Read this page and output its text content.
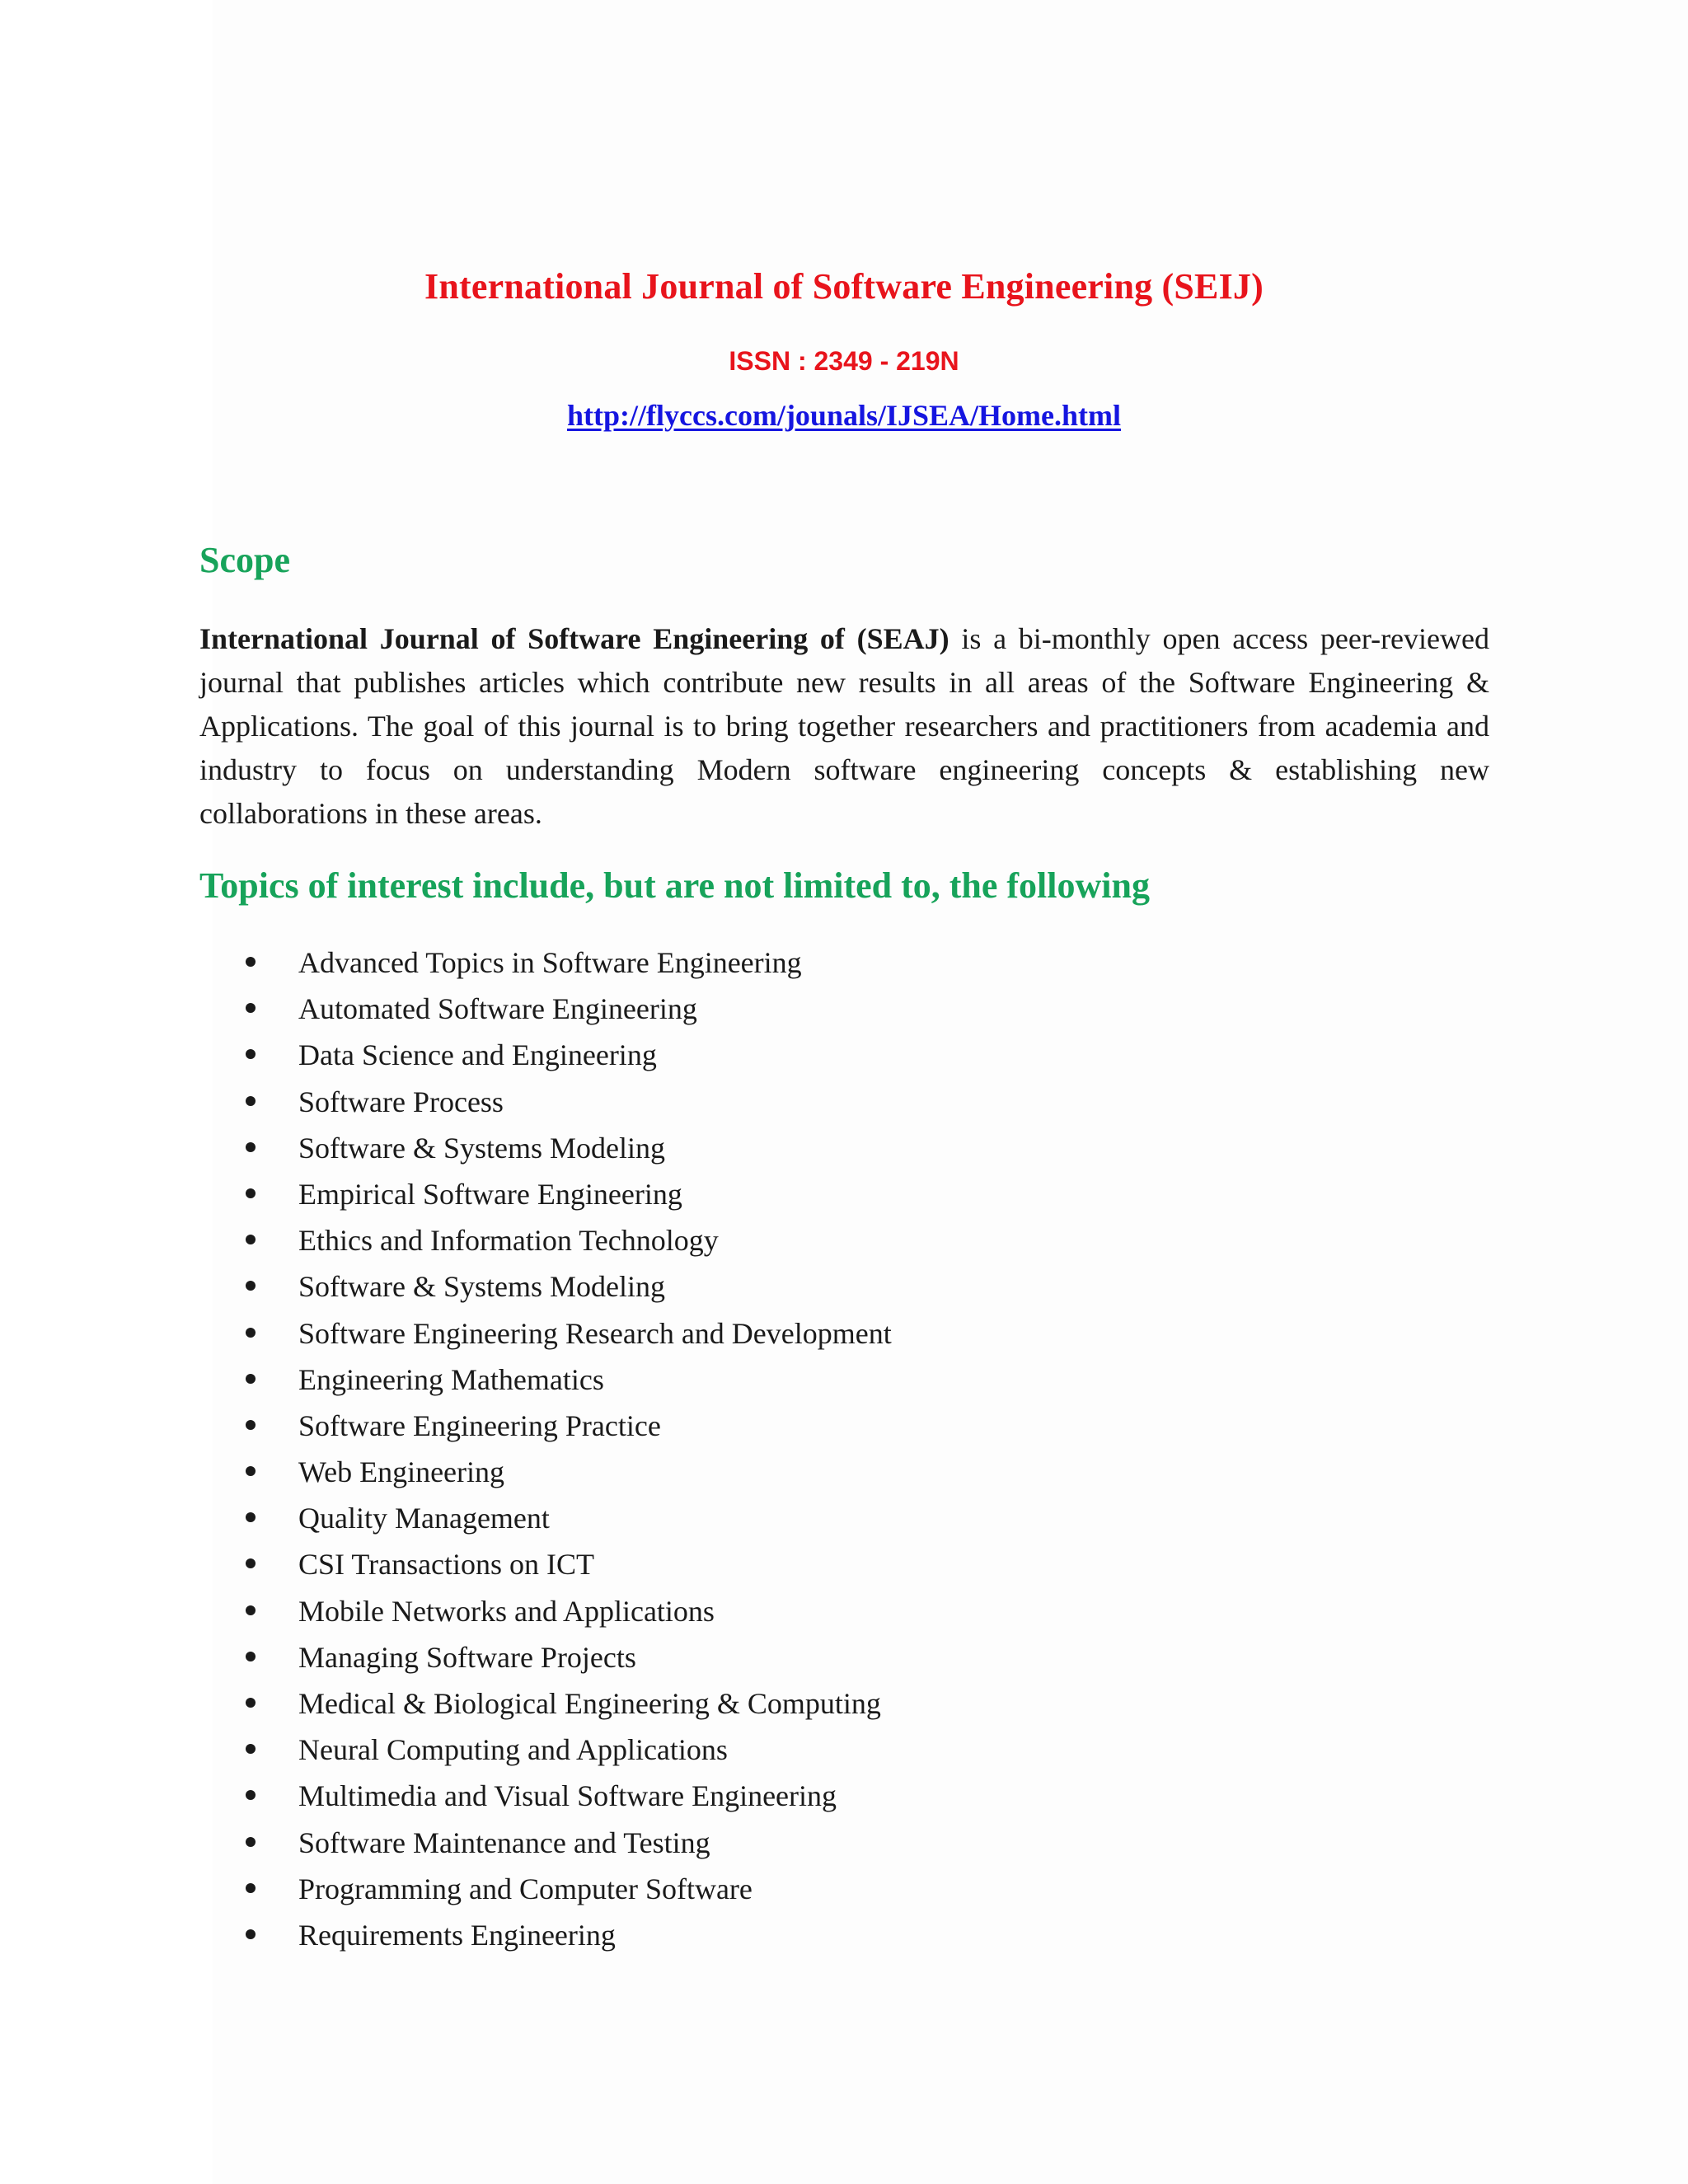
International Journal of Software Engineering (SEIJ)
ISSN : 2349 - 219N
http://flyccs.com/jounals/IJSEA/Home.html
Scope
International Journal of Software Engineering of (SEAJ) is a bi-monthly open access peer-reviewed journal that publishes articles which contribute new results in all areas of the Software Engineering & Applications. The goal of this journal is to bring together researchers and practitioners from academia and industry to focus on understanding Modern software engineering concepts & establishing new collaborations in these areas.
Topics of interest include, but are not limited to, the following
Advanced Topics in Software Engineering
Automated Software Engineering
Data Science and Engineering
Software Process
Software & Systems Modeling
Empirical Software Engineering
Ethics and Information Technology
Software & Systems Modeling
Software Engineering Research and Development
Engineering Mathematics
Software Engineering Practice
Web Engineering
Quality Management
CSI Transactions on ICT
Mobile Networks and Applications
Managing Software Projects
Medical & Biological Engineering & Computing
Neural Computing and Applications
Multimedia and Visual Software Engineering
Software Maintenance and Testing
Programming and Computer Software
Requirements Engineering
